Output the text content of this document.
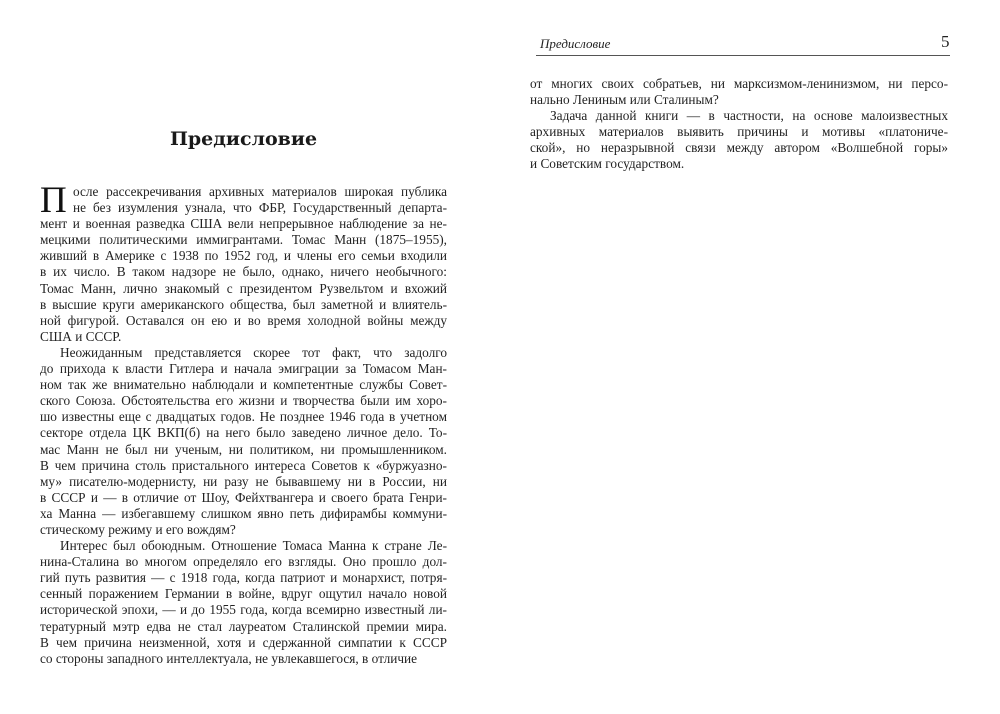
Предисловие
П осле рассекречивания архивных материалов широкая публика
не без изумления узнала, что ФБР, Государственный департа-
мент и военная разведка США вели непрерывное наблюдение за не-
мецкими политическими иммигрантами. Томас Манн (1875–1955),
живший в Америке с 1938 по 1952 год, и члены его семьи входили
в их число. В таком надзоре не было, однако, ничего необычного:
Томас Манн, лично знакомый с президентом Рузвельтом и вхожий
в высшие круги американского общества, был заметной и влиятель-
ной фигурой. Оставался он ею и во время холодной войны между
США и СССР.
Неожиданным представляется скорее тот факт, что задолго
до прихода к власти Гитлера и начала эмиграции за Томасом Ман-
ном так же внимательно наблюдали и компетентные службы Совет-
ского Союза. Обстоятельства его жизни и творчества были им хоро-
шо известны еще с двадцатых годов. Не позднее 1946 года в учетном
секторе отдела ЦК ВКП(б) на него было заведено личное дело. То-
мас Манн не был ни ученым, ни политиком, ни промышленником.
В чем причина столь пристального интереса Советов к «буржуазно-
му» писателю-модернисту, ни разу не бывавшему ни в России, ни
в СССР и — в отличие от Шоу, Фейхтвангера и своего брата Генри-
ха Манна — избегавшему слишком явно петь дифирамбы коммуни-
стическому режиму и его вождям?
Интерес был обоюдным. Отношение Томаса Манна к стране Ле-
нина-Сталина во многом определяло его взгляды. Оно прошло дол-
гий путь развития — с 1918 года, когда патриот и монархист, потря-
сенный поражением Германии в войне, вдруг ощутил начало новой
исторической эпохи, — и до 1955 года, когда всемирно известный ли-
тературный мэтр едва не стал лауреатом Сталинской премии мира.
В чем причина неизменной, хотя и сдержанной симпатии к СССР
со стороны западного интеллектуала, не увлекавшегося, в отличие
Предисловие	5
от многих своих собратьев, ни марксизмом-ленинизмом, ни персо-
нально Лениным или Сталиным?
Задача данной книги — в частности, на основе малоизвестных
архивных материалов выявить причины и мотивы «платониче-
ской», но неразрывной связи между автором «Волшебной горы»
и Советским государством.
